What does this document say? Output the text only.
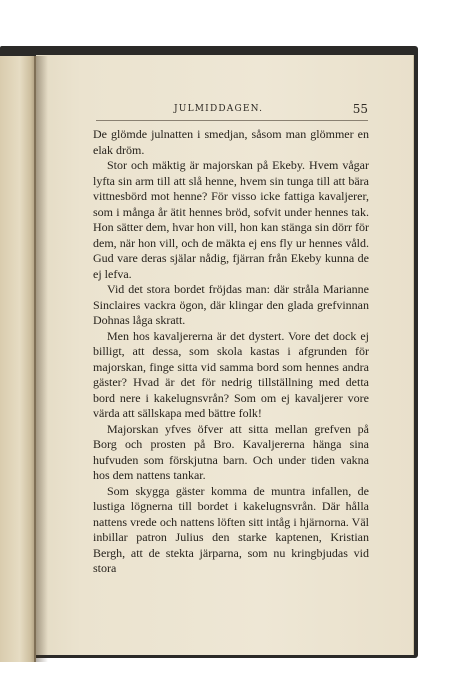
JULMIDDAGEN.	55

De glömde julnatten i smedjan, såsom man glömmer en elak dröm.

Stor och mäktig är majorskan på Ekeby. Hvem vågar lyfta sin arm till att slå henne, hvem sin tunga till att bära vittnesbörd mot henne? För visso icke fattiga kavaljerer, som i många år ätit hennes bröd, sofvit under hennes tak. Hon sätter dem, hvar hon vill, hon kan stänga sin dörr för dem, när hon vill, och de mäkta ej ens fly ur hennes våld. Gud vare deras själar nådig, fjärran från Ekeby kunna de ej lefva.

Vid det stora bordet fröjdas man: där stråla Marianne Sinclaires vackra ögon, där klingar den glada grefvinnan Dohnas låga skratt.

Men hos kavaljererna är det dystert. Vore det dock ej billigt, att dessa, som skola kastas i afgrunden för majorskan, finge sitta vid samma bord som hennes andra gäster? Hvad är det för nedrig tillställning med detta bord nere i kakelugnsvrån? Som om ej kavaljerer vore värda att sällskapa med bättre folk!

Majorskan yfves öfver att sitta mellan grefven på Borg och prosten på Bro. Kavaljererna hänga sina hufvuden som förskjutna barn. Och under tiden vakna hos dem nattens tankar.

Som skygga gäster komma de muntra infallen, de lustiga lögnerna till bordet i kakelugnsvrån. Där hålla nattens vrede och nattens löften sitt intåg i hjärnorna. Väl inbillar patron Julius den starke kaptenen, Kristian Bergh, att de stekta järparna, som nu kringbjudas vid stora
